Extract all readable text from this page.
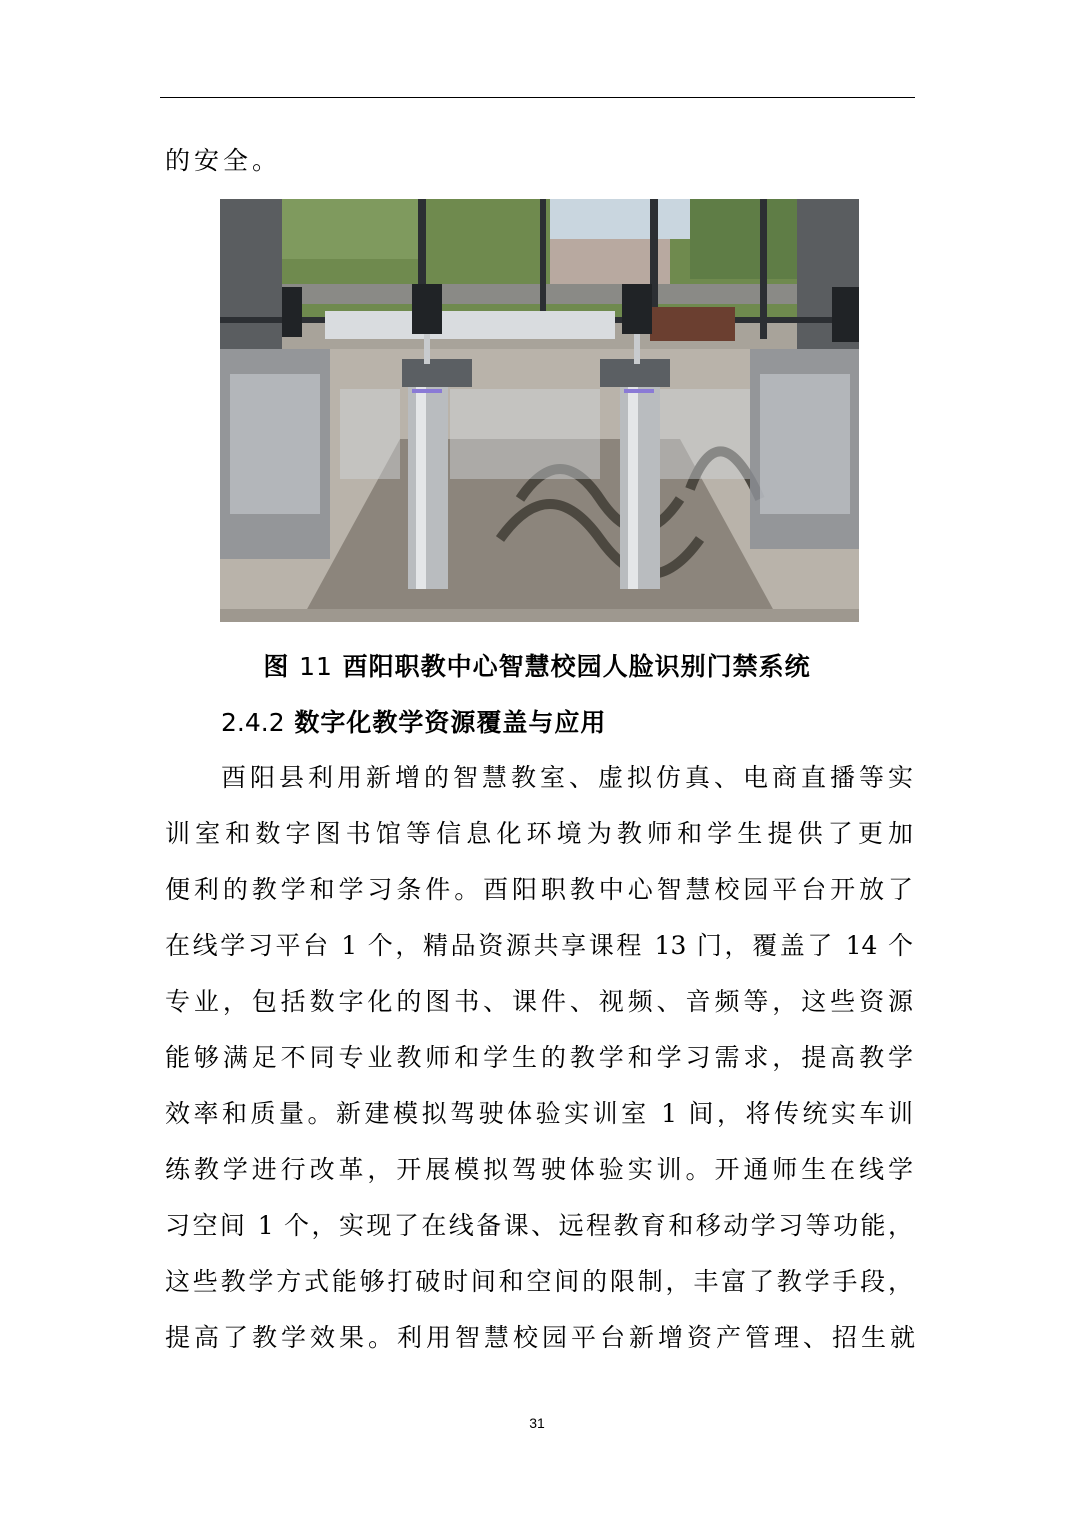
的安全。
图 11 酉阳职教中心智慧校园人脸识别门禁系统
2.4.2 数字化教学资源覆盖与应用
酉阳县利用新增的智慧教室、虚拟仿真、电商直播等实
训室和数字图书馆等信息化环境为教师和学生提供了更加
便利的教学和学习条件。酉阳职教中心智慧校园平台开放了
在线学习平台 1 个，精品资源共享课程 13 门，覆盖了 14 个
专业，包括数字化的图书、课件、视频、音频等，这些资源
能够满足不同专业教师和学生的教学和学习需求，提高教学
效率和质量。新建模拟驾驶体验实训室 1 间，将传统实车训
练教学进行改革，开展模拟驾驶体验实训。开通师生在线学
习空间 1 个，实现了在线备课、远程教育和移动学习等功能，
这些教学方式能够打破时间和空间的限制，丰富了教学手段，
提高了教学效果。利用智慧校园平台新增资产管理、招生就
31
